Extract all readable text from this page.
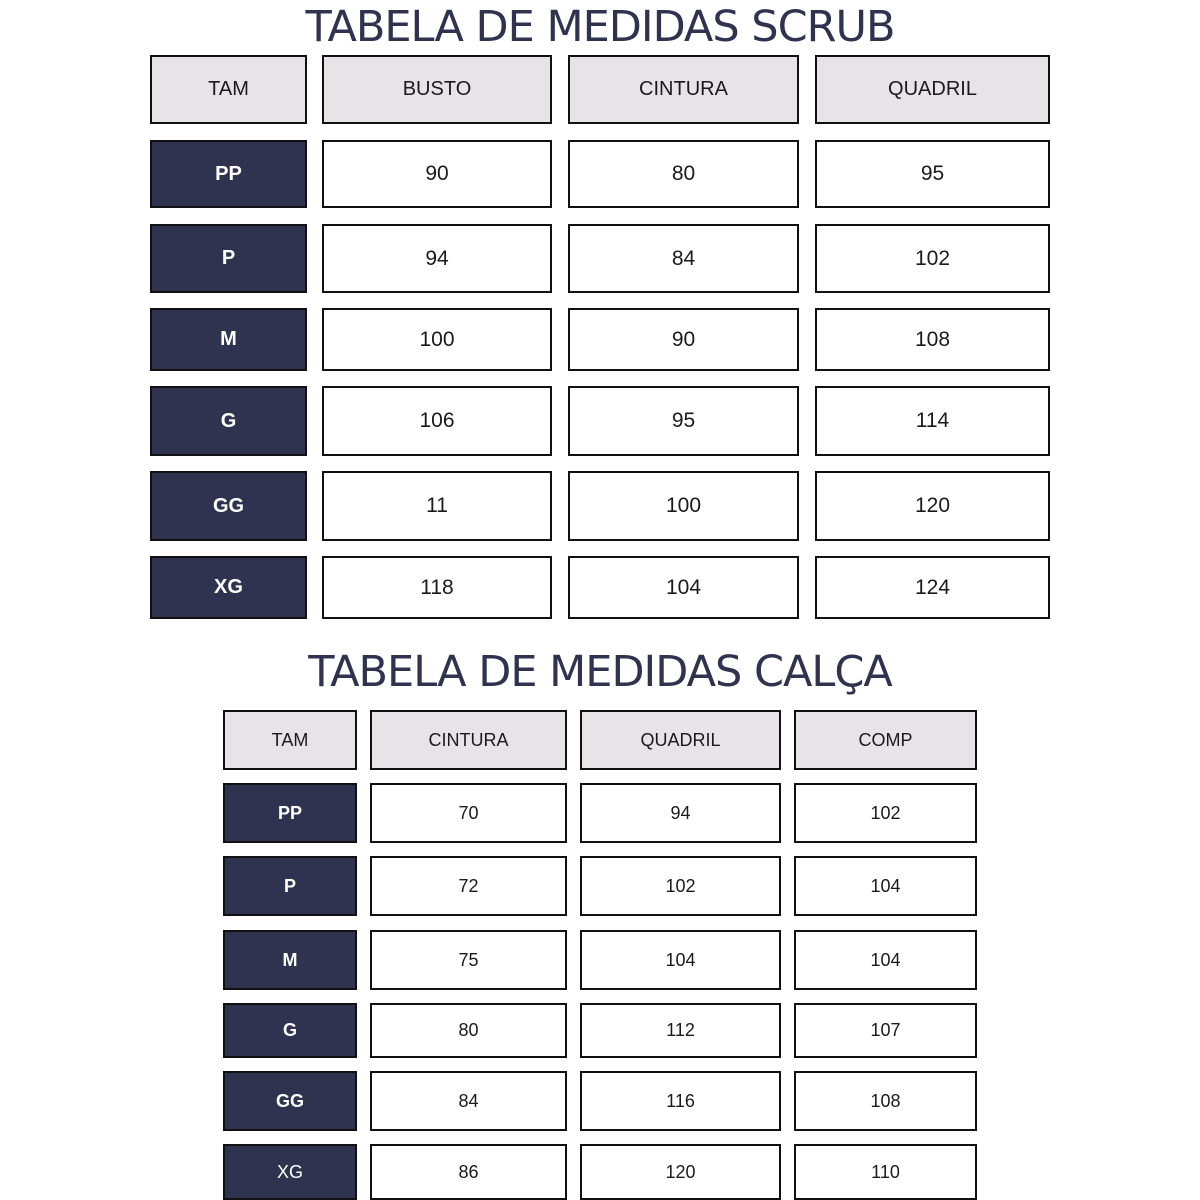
TABELA DE MEDIDAS SCRUB
TAM	BUSTO	CINTURA	QUADRIL
PP	90	80	95
P	94	84	102
M	100	90	108
G	106	95	114
GG	11	100	120
XG	118	104	124
TABELA DE MEDIDAS CALÇA
TAM	CINTURA	QUADRIL	COMP
PP	70	94	102
P	72	102	104
M	75	104	104
G	80	112	107
GG	84	116	108
XG	86	120	110
